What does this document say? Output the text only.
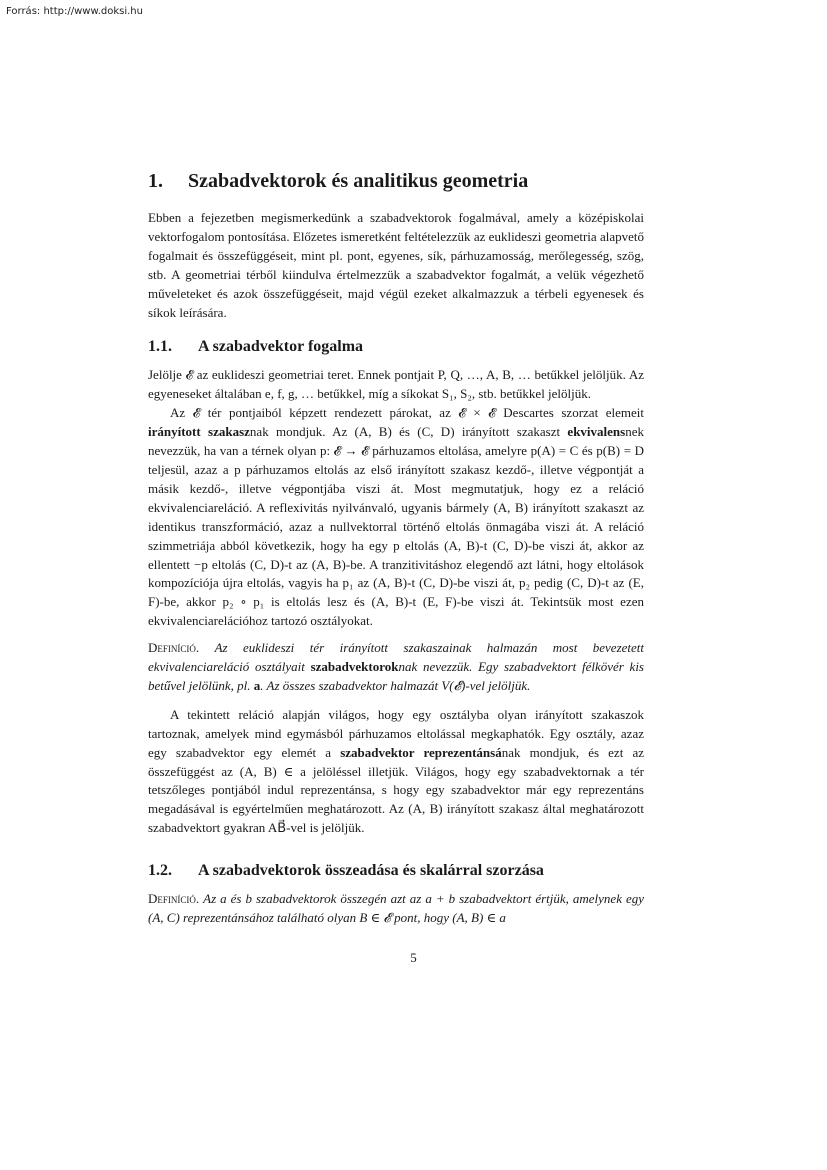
Forrás: http://www.doksi.hu
1. Szabadvektorok és analitikus geometria

Ebben a fejezetben megismerkedünk a szabadvektorok fogalmával, amely a középiskolai vektorfogalom pontosítása. Előzetes ismeretként feltételezzük az euklideszi geometria alapvető fogalmait és összefüggéseit, mint pl. pont, egyenes, sík, párhuzamosság, merőlegesség, szög, stb. A geometriai térből kiindulva értelmezzük a szabadvektor fogalmát, a velük végezhető műveleteket és azok összefüggéseit, majd végül ezeket alkalmazzuk a térbeli egyenesek és síkok leírására.

1.1. A szabadvektor fogalma

Jelölje 𝓔 az euklideszi geometriai teret. Ennek pontjait P, Q, …, A, B, … betűkkel jelöljük. Az egyeneseket általában e, f, g, … betűkkel, míg a síkokat S₁, S₂, stb. betűkkel jelöljük.

Az 𝓔 tér pontjaiból képzett rendezett párokat, az 𝓔 × 𝓔 Descartes szorzat elemeit irányított szakasznak mondjuk. Az (A, B) és (C, D) irányított szakaszt ekvivalensnek nevezzük, ha van a térnek olyan p: 𝓔 → 𝓔 párhuzamos eltolása, amelyre p(A) = C és p(B) = D teljesül, azaz a p párhuzamos eltolás az első irányított szakasz kezdő-, illetve végpontját a másik kezdő-, illetve végpontjába viszi át. Most megmutatjuk, hogy ez a reláció ekvivalenciareláció. A reflexivitás nyilvánvaló, ugyanis bármely (A, B) irányított szakaszt az identikus transzformáció, azaz a nullvektorral történő eltolás önmagába viszi át. A reláció szimmetriája abból következik, hogy ha egy p eltolás (A, B)-t (C, D)-be viszi át, akkor az ellentett −p eltolás (C, D)-t az (A, B)-be. A tranzitivitáshoz elegendő azt látni, hogy eltolások kompozíciója újra eltolás, vagyis ha p₁ az (A, B)-t (C, D)-be viszi át, p₂ pedig (C, D)-t az (E, F)-be, akkor p₂ ∘ p₁ is eltolás lesz és (A, B)-t (E, F)-be viszi át. Tekintsük most ezen ekvivalenciarelációhoz tartozó osztályokat.

Definíció. Az euklideszi tér irányított szakaszainak halmazán most bevezetett ekvivalenciareláció osztályait szabadvektoroknak nevezzük. Egy szabadvektort félkövér kis betűvel jelölünk, pl. a. Az összes szabadvektor halmazát V(𝓔)-vel jelöljük.

A tekintett reláció alapján világos, hogy egy osztályba olyan irányított szakaszok tartoznak, amelyek mind egymásból párhuzamos eltolással megkaphatók. Egy osztály, azaz egy szabadvektor egy elemét a szabadvektor reprezentánsának mondjuk, és ezt az összefüggést az (A, B) ∈ a jelöléssel illetjük. Világos, hogy egy szabadvektornak a tér tetszőleges pontjából indul reprezentánsa, s hogy egy szabadvektor már egy reprezentáns megadásával is egyértelműen meghatározott. Az (A, B) irányított szakasz által meghatározott szabadvektort gyakran AB⃗-vel is jelöljük.

1.2. A szabadvektorok összeadása és skalárral szorzása

Definíció. Az a és b szabadvektorok összegén azt az a + b szabadvektort értjük, amelynek egy (A, C) reprezentánsához található olyan B ∈ 𝓔 pont, hogy (A, B) ∈ a

5
